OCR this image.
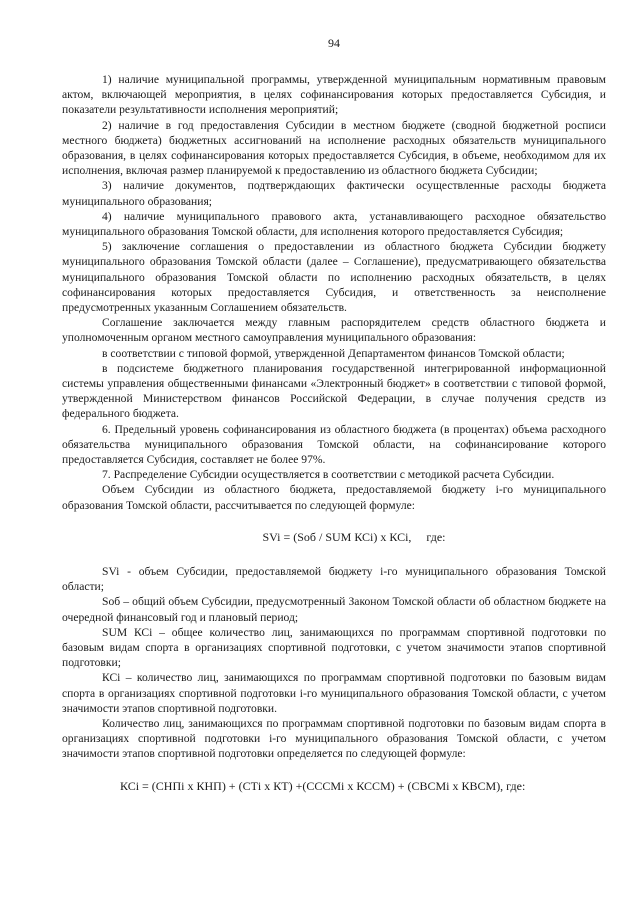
94

1) наличие муниципальной программы, утвержденной муниципальным нормативным правовым актом, включающей мероприятия, в целях софинансирования которых предоставляется Субсидия, и показатели результативности исполнения мероприятий;

2) наличие в год предоставления Субсидии в местном бюджете (сводной бюджетной росписи местного бюджета) бюджетных ассигнований на исполнение расходных обязательств муниципального образования, в целях софинансирования которых предоставляется Субсидия, в объеме, необходимом для их исполнения, включая размер планируемой к предоставлению из областного бюджета Субсидии;

3) наличие документов, подтверждающих фактически осуществленные расходы бюджета муниципального образования;

4) наличие муниципального правового акта, устанавливающего расходное обязательство муниципального образования Томской области, для исполнения которого предоставляется Субсидия;

5) заключение соглашения о предоставлении из областного бюджета Субсидии бюджету муниципального образования Томской области (далее – Соглашение), предусматривающего обязательства муниципального образования Томской области по исполнению расходных обязательств, в целях софинансирования которых предоставляется Субсидия, и ответственность за неисполнение предусмотренных указанным Соглашением обязательств.

Соглашение заключается между главным распорядителем средств областного бюджета и уполномоченным органом местного самоуправления муниципального образования:

в соответствии с типовой формой, утвержденной Департаментом финансов Томской области;

в подсистеме бюджетного планирования государственной интегрированной информационной системы управления общественными финансами «Электронный бюджет» в соответствии с типовой формой, утвержденной Министерством финансов Российской Федерации, в случае получения средств из федерального бюджета.

6. Предельный уровень софинансирования из областного бюджета (в процентах) объема расходного обязательства муниципального образования Томской области, на софинансирование которого предоставляется Субсидия, составляет не более 97%.

7. Распределение Субсидии осуществляется в соответствии с методикой расчета Субсидии.

Объем Субсидии из областного бюджета, предоставляемой бюджету i-го муниципального образования Томской области, рассчитывается по следующей формуле:

SVi = (Sоб / SUM КСi) х КСi,     где:

SVi - объем Субсидии, предоставляемой бюджету i-го муниципального образования Томской области;

Sоб – общий объем Субсидии, предусмотренный Законом Томской области об областном бюджете на очередной финансовый год и плановый период;

SUM КСi – общее количество лиц, занимающихся по программам спортивной подготовки по базовым видам спорта в организациях спортивной подготовки, с учетом значимости этапов спортивной подготовки;

КСi – количество лиц, занимающихся по программам спортивной подготовки по базовым видам спорта в организациях спортивной подготовки i-го муниципального образования Томской области, с учетом значимости этапов спортивной подготовки.

Количество лиц, занимающихся по программам спортивной подготовки по базовым видам спорта в организациях спортивной подготовки i-го муниципального образования Томской области, с учетом значимости этапов спортивной подготовки определяется по следующей формуле:

КСi = (СНПi х КНП) + (СТi х КТ) +(ССCМi х КССМ) + (СВСМi х КВСМ), где:
